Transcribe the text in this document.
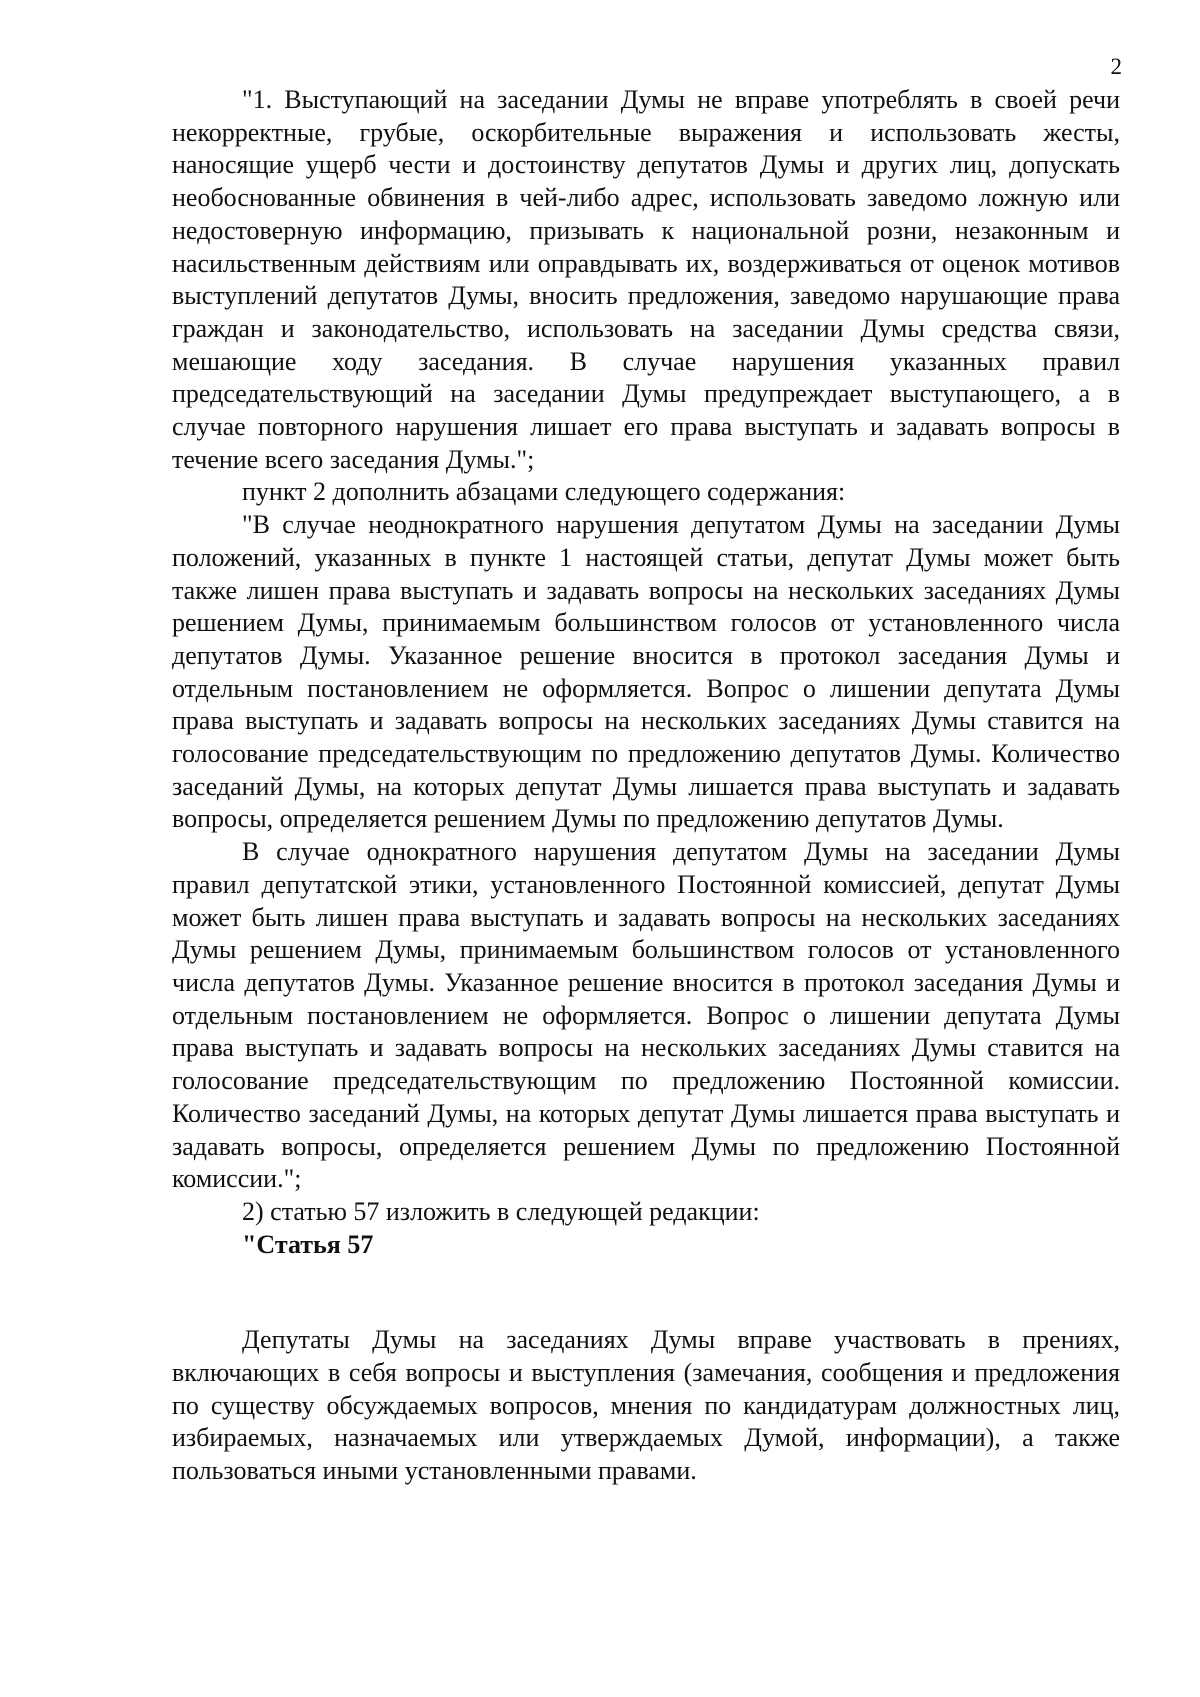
2

"1. Выступающий на заседании Думы не вправе употреблять в своей речи некорректные, грубые, оскорбительные выражения и использовать жесты, наносящие ущерб чести и достоинству депутатов Думы и других лиц, допускать необоснованные обвинения в чей-либо адрес, использовать заведомо ложную или недостоверную информацию, призывать к национальной розни, незаконным и насильственным действиям или оправдывать их, воздерживаться от оценок мотивов выступлений депутатов Думы, вносить предложения, заведомо нарушающие права граждан и законодательство, использовать на заседании Думы средства связи, мешающие ходу заседания. В случае нарушения указанных правил председательствующий на заседании Думы предупреждает выступающего, а в случае повторного нарушения лишает его права выступать и задавать вопросы в течение всего заседания Думы.";

пункт 2 дополнить абзацами следующего содержания:

"В случае неоднократного нарушения депутатом Думы на заседании Думы положений, указанных в пункте 1 настоящей статьи, депутат Думы может быть также лишен права выступать и задавать вопросы на нескольких заседаниях Думы решением Думы, принимаемым большинством голосов от установленного числа депутатов Думы. Указанное решение вносится в протокол заседания Думы и отдельным постановлением не оформляется. Вопрос о лишении депутата Думы права выступать и задавать вопросы на нескольких заседаниях Думы ставится на голосование председательствующим по предложению депутатов Думы. Количество заседаний Думы, на которых депутат Думы лишается права выступать и задавать вопросы, определяется решением Думы по предложению депутатов Думы.

В случае однократного нарушения депутатом Думы на заседании Думы правил депутатской этики, установленного Постоянной комиссией, депутат Думы может быть лишен права выступать и задавать вопросы на нескольких заседаниях Думы решением Думы, принимаемым большинством голосов от установленного числа депутатов Думы. Указанное решение вносится в протокол заседания Думы и отдельным постановлением не оформляется. Вопрос о лишении депутата Думы права выступать и задавать вопросы на нескольких заседаниях Думы ставится на голосование председательствующим по предложению Постоянной комиссии. Количество заседаний Думы, на которых депутат Думы лишается права выступать и задавать вопросы, определяется решением Думы по предложению Постоянной комиссии.";

2) статью 57 изложить в следующей редакции:

"Статья 57

Депутаты Думы на заседаниях Думы вправе участвовать в прениях, включающих в себя вопросы и выступления (замечания, сообщения и предложения по существу обсуждаемых вопросов, мнения по кандидатурам должностных лиц, избираемых, назначаемых или утверждаемых Думой, информации), а также пользоваться иными установленными правами.
